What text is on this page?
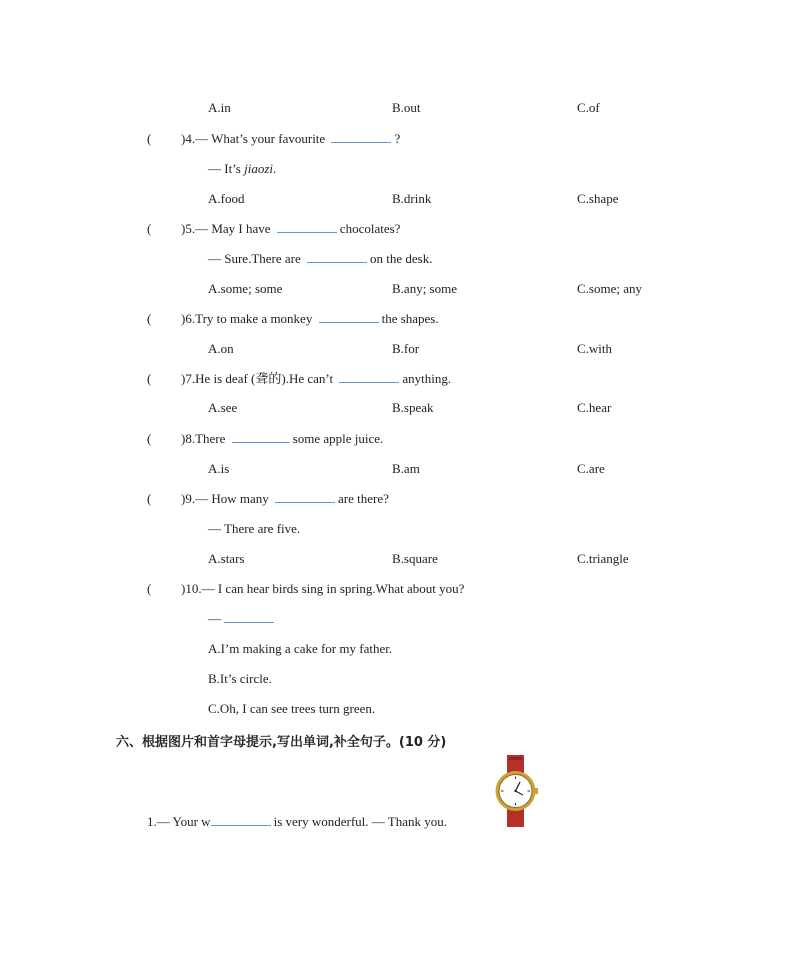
A.in	B.out	C.of
( )4.— What’s your favourite	?
— It’s jiaozi.
A.food	B.drink	C.shape
( )5.— May I have	chocolates?
— Sure.There are	on the desk.
A.some; some	B.any; some	C.some; any
( )6.Try to make a monkey	the shapes.
A.on	B.for	C.with
( )7.He is deaf (聋的).He can’t	anything.
A.see	B.speak	C.hear
( )8.There	some apple juice.
A.is	B.am	C.are
( )9.— How many	are there?
— There are five.
A.stars	B.square	C.triangle
( )10.— I can hear birds sing in spring.What about you?
—
A.I’m making a cake for my father.
B.It’s circle.
C.Oh, I can see trees turn green.
六、根据图片和首字母提示,写出单词,补全句子。(10 分)
1.— Your w	is very wonderful. — Thank you.
